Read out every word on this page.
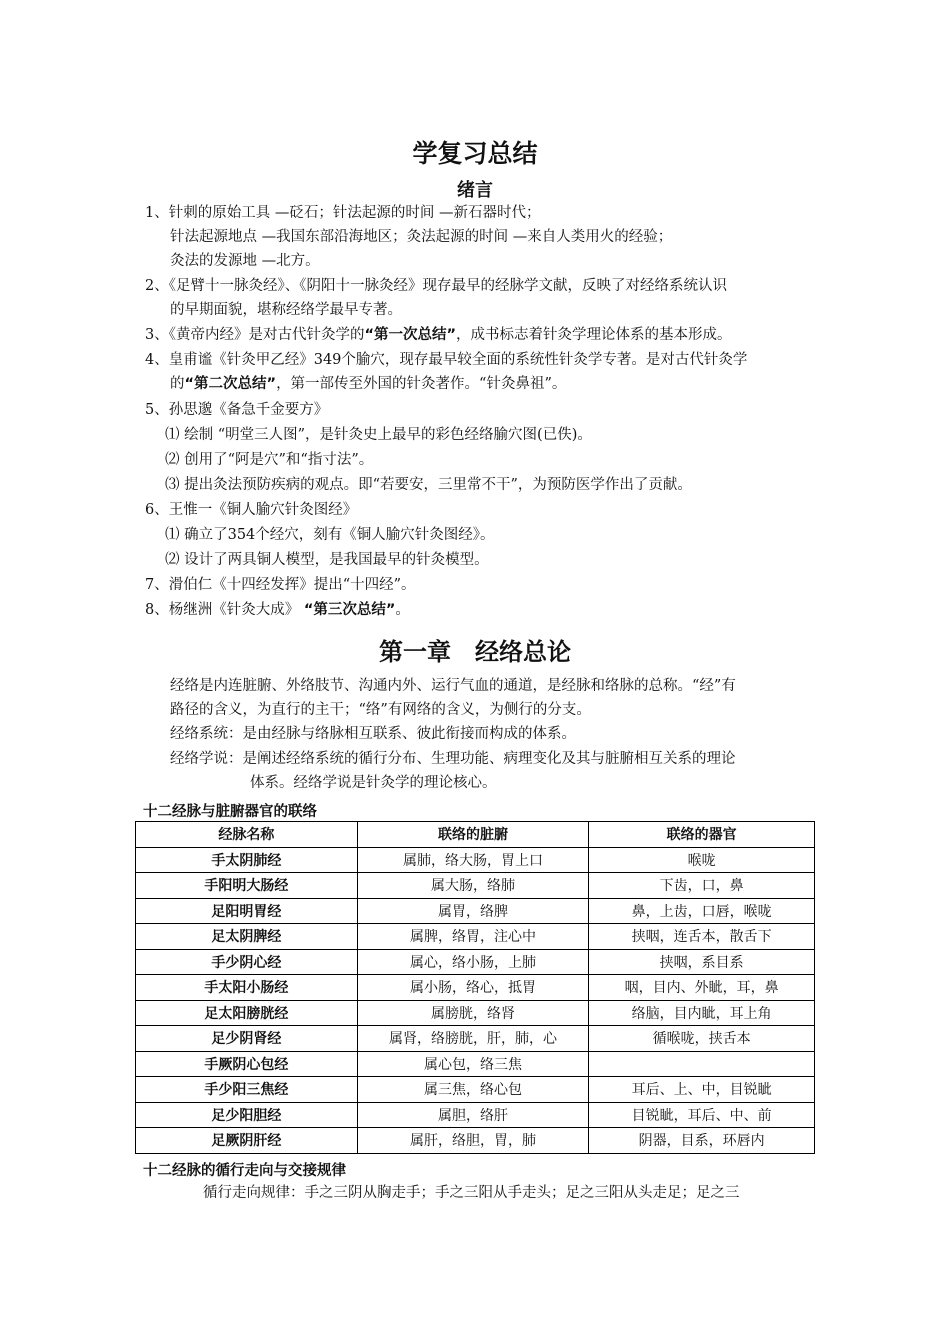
学复习总结
绪言
1、针刺的原始工具 —砭石；针法起源的时间 —新石器时代；
针法起源地点 —我国东部沿海地区；灸法起源的时间 —来自人类用火的经验；
灸法的发源地 —北方。
2、《足臂十一脉灸经》、《阴阳十一脉灸经》现存最早的经脉学文献，反映了对经络系统认识
的早期面貌，堪称经络学最早专著。
3、《黄帝内经》是对古代针灸学的“第一次总结”，成书标志着针灸学理论体系的基本形成。
4、皇甫谧《针灸甲乙经》349个腧穴，现存最早较全面的系统性针灸学专著。是对古代针灸学
的“第二次总结”，第一部传至外国的针灸著作。“针灸鼻祖”。
5、孙思邈《备急千金要方》
⑴ 绘制 “明堂三人图”，是针灸史上最早的彩色经络腧穴图(已佚)。
⑵ 创用了“阿是穴”和“指寸法”。
⑶ 提出灸法预防疾病的观点。即“若要安，三里常不干”，为预防医学作出了贡献。
6、王惟一《铜人腧穴针灸图经》
⑴ 确立了354个经穴，刻有《铜人腧穴针灸图经》。
⑵ 设计了两具铜人模型，是我国最早的针灸模型。
7、滑伯仁《十四经发挥》提出“十四经”。
8、杨继洲《针灸大成》 “第三次总结”。
第一章　经络总论
经络是内连脏腑、外络肢节、沟通内外、运行气血的通道，是经脉和络脉的总称。“经”有
路径的含义，为直行的主干；“络”有网络的含义，为侧行的分支。
经络系统：是由经脉与络脉相互联系、彼此衔接而构成的体系。
经络学说：是阐述经络系统的循行分布、生理功能、病理变化及其与脏腑相互关系的理论
体系。经络学说是针灸学的理论核心。
十二经脉与脏腑器官的联络
经脉名称	联络的脏腑	联络的器官
手太阴肺经	属肺，络大肠，胃上口	喉咙
手阳明大肠经	属大肠，络肺	下齿，口，鼻
足阳明胃经	属胃，络脾	鼻，上齿，口唇，喉咙
足太阴脾经	属脾，络胃，注心中	挟咽，连舌本，散舌下
手少阴心经	属心，络小肠，上肺	挟咽，系目系
手太阳小肠经	属小肠，络心，抵胃	咽，目内、外眦，耳，鼻
足太阳膀胱经	属膀胱，络肾	络脑，目内眦，耳上角
足少阴肾经	属肾，络膀胱，肝，肺，心	循喉咙，挟舌本
手厥阴心包经	属心包，络三焦	
手少阳三焦经	属三焦，络心包	耳后、上、中，目锐眦
足少阳胆经	属胆，络肝	目锐眦，耳后、中、前
足厥阴肝经	属肝，络胆，胃，肺	阴器，目系，环唇内
十二经脉的循行走向与交接规律
循行走向规律：手之三阴从胸走手；手之三阳从手走头；足之三阳从头走足；足之三
